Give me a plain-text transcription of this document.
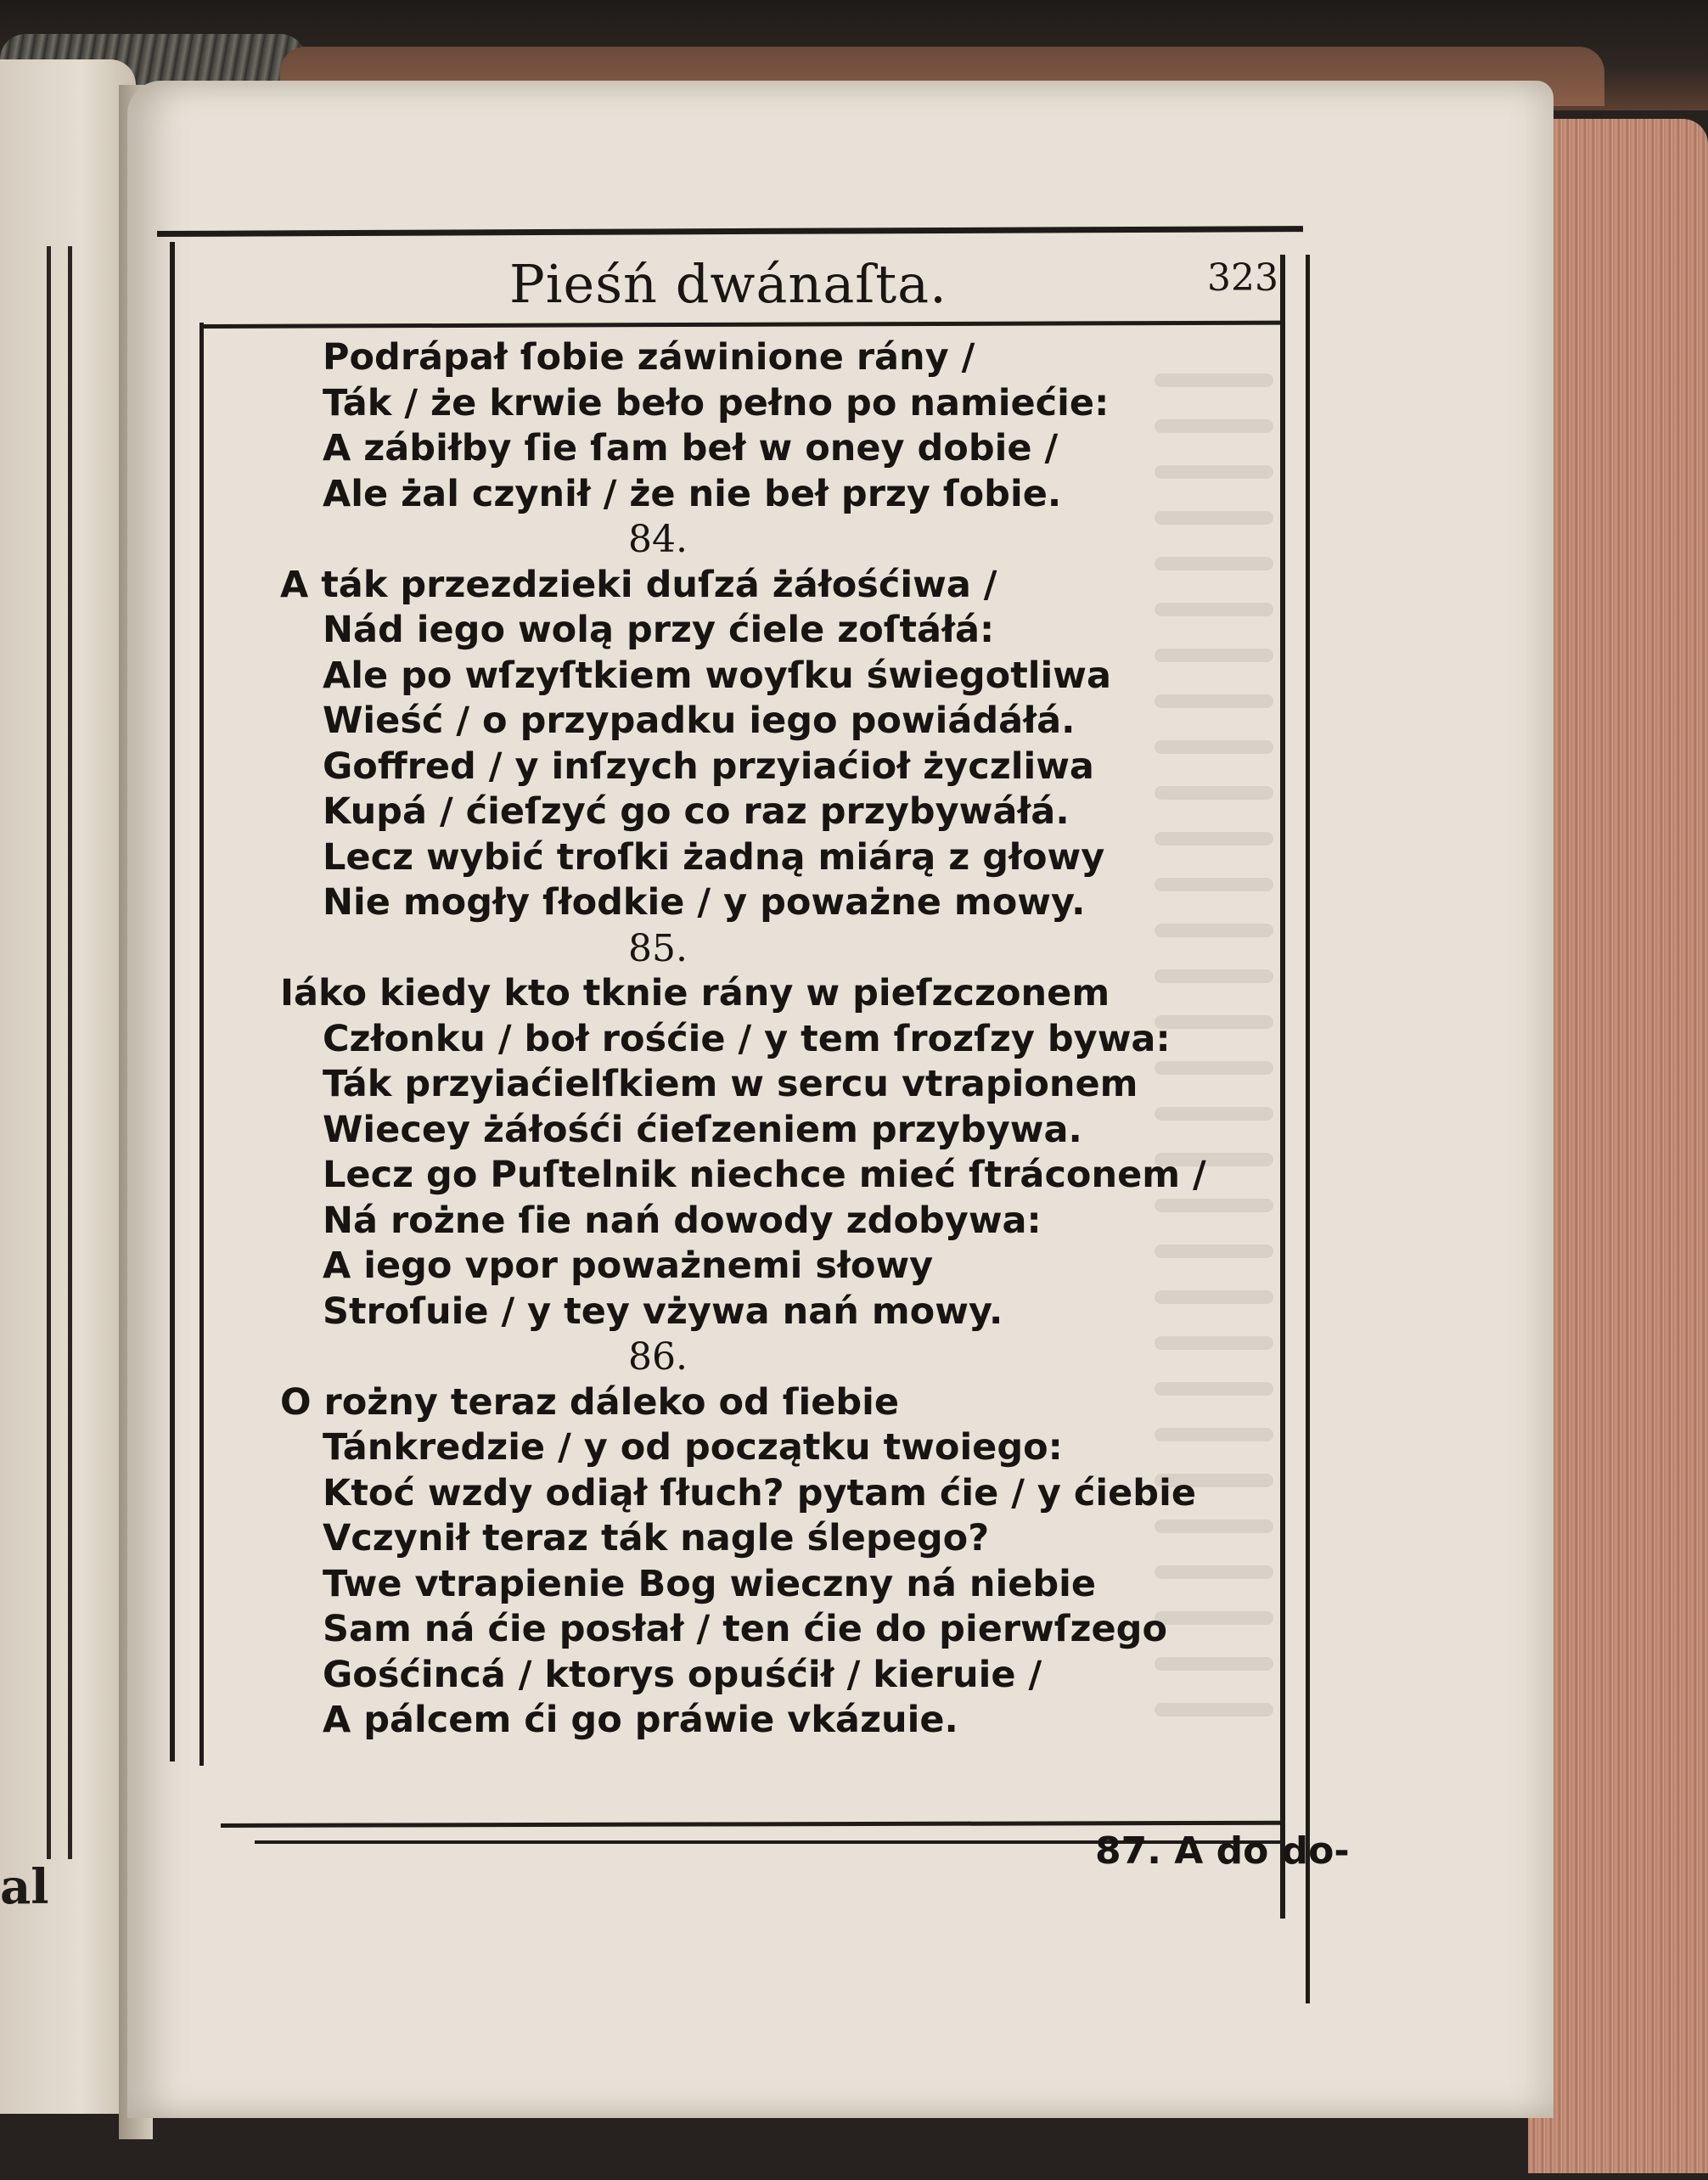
al
Pieśń dwánaſta.	323
Podrápał ſobie záwinione rány /
Ták / że krwie beło pełno po namiećie:
A zábiłby ſie ſam beł w oney dobie /
Ale żal czynił / że nie beł przy ſobie.
84.
A ták przezdzieki duſzá żáłośćiwa /
Nád iego wolą przy ćiele zoſtáłá:
Ale po wſzyſtkiem woyſku świegotliwa
Wieść / o przypadku iego powiádáłá.
Goffred / y inſzych przyiaćioł życzliwa
Kupá / ćieſzyć go co raz przybywáłá.
Lecz wybić troſki żadną miárą z głowy
Nie mogły ſłodkie / y poważne mowy.
85.
Iáko kiedy kto tknie rány w pieſzczonem
Członku / boł rośćie / y tem ſrozſzy bywa:
Ták przyiaćielſkiem w sercu vtrapionem
Wiecey żáłośći ćieſzeniem przybywa.
Lecz go Puſtelnik niechce mieć ſtráconem /
Ná rożne ſie nań dowody zdobywa:
A iego vpor poważnemi słowy
Stroſuie / y tey vżywa nań mowy.
86.
O rożny teraz dáleko od ſiebie
Tánkredzie / y od początku twoiego:
Ktoć wzdy odiął ſłuch? pytam ćie / y ćiebie
Vczynił teraz ták nagle ślepego?
Twe vtrapienie Bog wieczny ná niebie
Sam ná ćie posłał / ten ćie do pierwſzego
Gośćincá / ktorys opuśćił / kieruie /
A pálcem ći go práwie vkázuie.
87. A do do-
